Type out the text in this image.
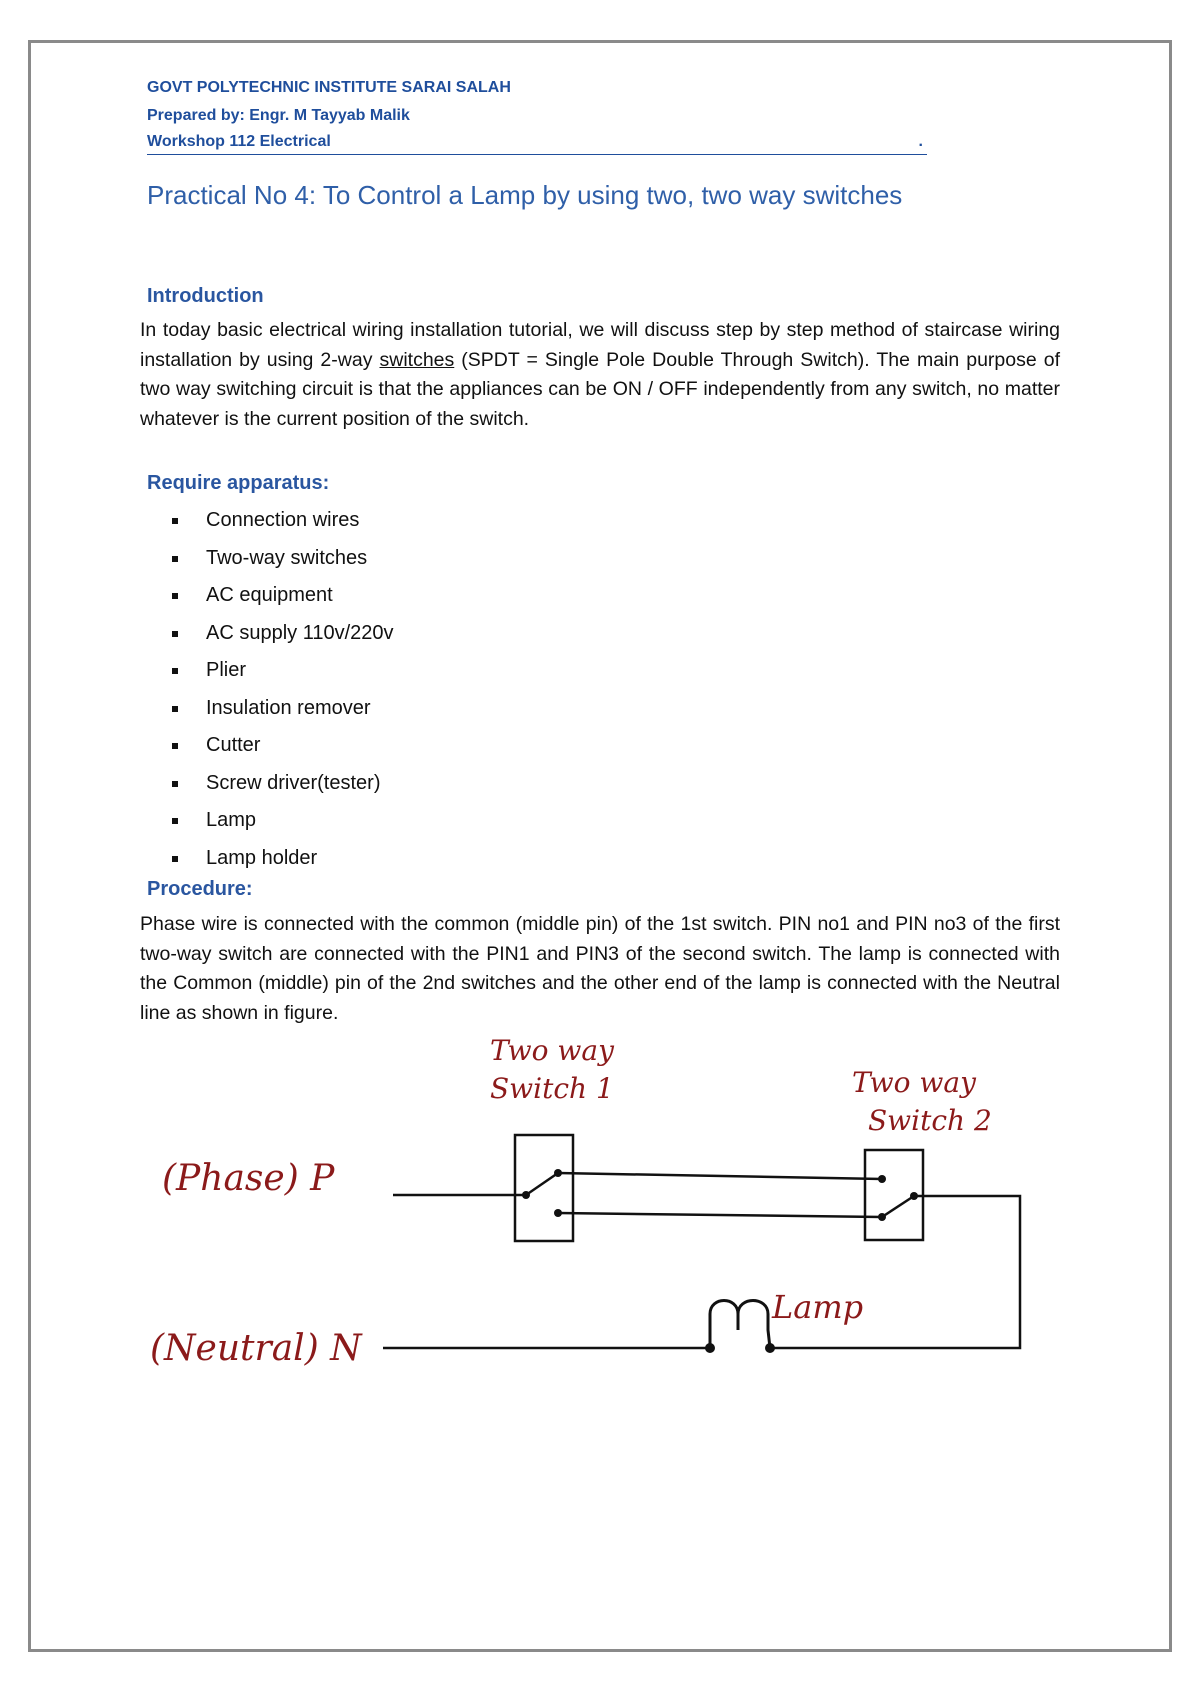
GOVT POLYTECHNIC INSTITUTE SARAI SALAH
Prepared by: Engr. M Tayyab Malik
Workshop 112 Electrical	.
Practical No 4: To Control a Lamp by using two, two way switches
Introduction
In today basic electrical wiring installation tutorial, we will discuss step by step method of staircase wiring installation by using 2-way switches (SPDT = Single Pole Double Through Switch). The main purpose of two way switching circuit is that the appliances can be ON / OFF independently from any switch, no matter whatever is the current position of the switch.
Require apparatus:
Connection wires
Two-way switches
AC equipment
AC supply 110v/220v
Plier
Insulation remover
Cutter
Screw driver(tester)
Lamp
Lamp holder
Procedure:
Phase wire is connected with the common (middle pin) of the 1st switch. PIN no1 and PIN no3 of the first two-way switch are connected with the PIN1 and PIN3 of the second switch. The lamp is connected with the Common (middle) pin of the 2nd switches and the other end of the lamp is connected with the Neutral line as shown in figure.
Two way
Switch 1	Two way
Switch 2
(Phase) P
(Neutral) N
Lamp
